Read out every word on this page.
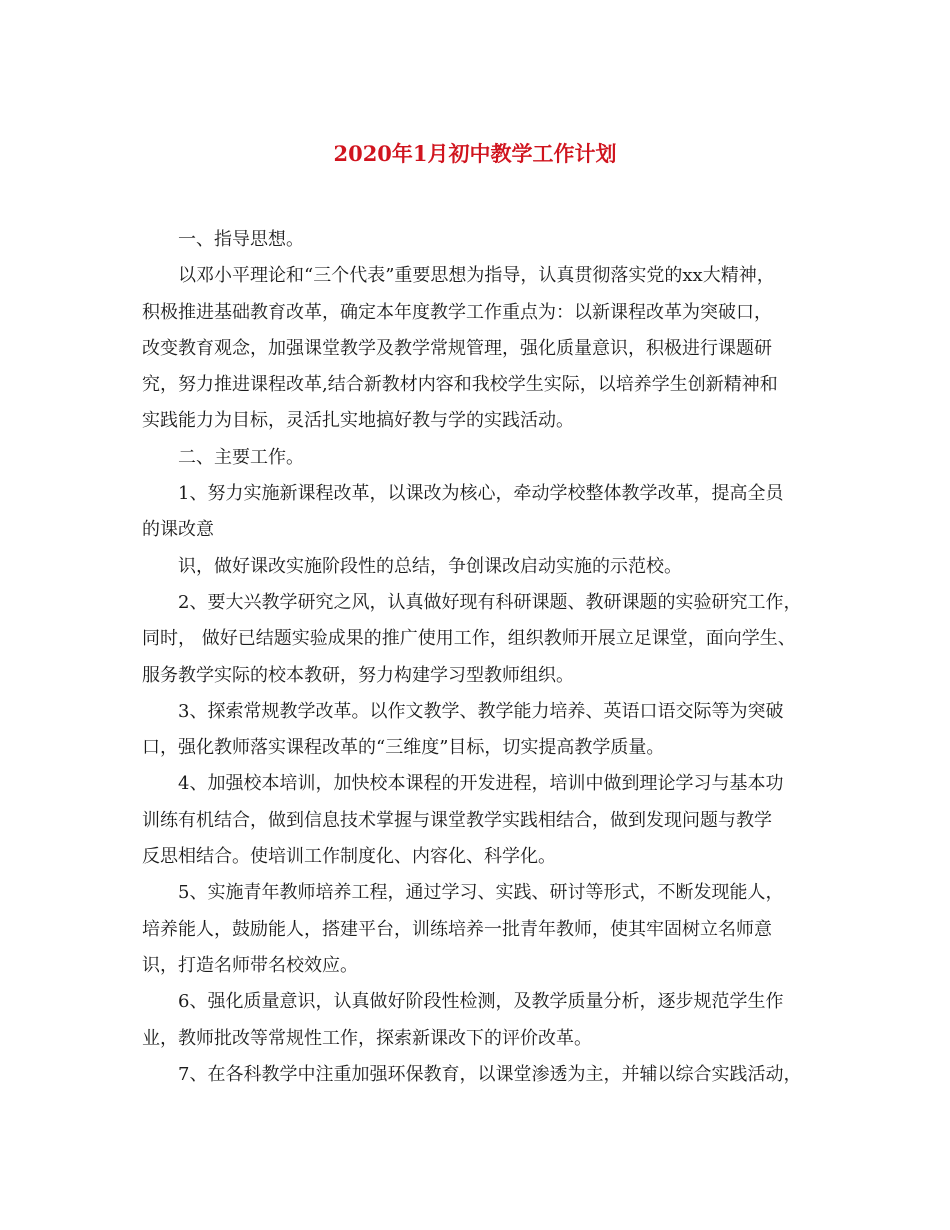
2020年1月初中教学工作计划
一、指导思想。
以邓小平理论和“三个代表”重要思想为指导，认真贯彻落实党的xx大精神，
积极推进基础教育改革，确定本年度教学工作重点为：以新课程改革为突破口，
改变教育观念，加强课堂教学及教学常规管理，强化质量意识，积极进行课题研
究，努力推进课程改革,结合新教材内容和我校学生实际，以培养学生创新精神和
实践能力为目标，灵活扎实地搞好教与学的实践活动。
二、主要工作。
1、努力实施新课程改革，以课改为核心，牵动学校整体教学改革，提高全员
的课改意
识，做好课改实施阶段性的总结，争创课改启动实施的示范校。
2、要大兴教学研究之风，认真做好现有科研课题、教研课题的实验研究工作，
同时， 做好已结题实验成果的推广使用工作，组织教师开展立足课堂，面向学生、
服务教学实际的校本教研，努力构建学习型教师组织。
3、探索常规教学改革。以作文教学、教学能力培养、英语口语交际等为突破
口，强化教师落实课程改革的“三维度”目标，切实提高教学质量。
4、加强校本培训，加快校本课程的开发进程，培训中做到理论学习与基本功
训练有机结合，做到信息技术掌握与课堂教学实践相结合，做到发现问题与教学
反思相结合。使培训工作制度化、内容化、科学化。
5、实施青年教师培养工程，通过学习、实践、研讨等形式，不断发现能人，
培养能人，鼓励能人，搭建平台，训练培养一批青年教师，使其牢固树立名师意
识，打造名师带名校效应。
6、强化质量意识，认真做好阶段性检测，及教学质量分析，逐步规范学生作
业，教师批改等常规性工作，探索新课改下的评价改革。
7、在各科教学中注重加强环保教育，以课堂渗透为主，并辅以综合实践活动，
